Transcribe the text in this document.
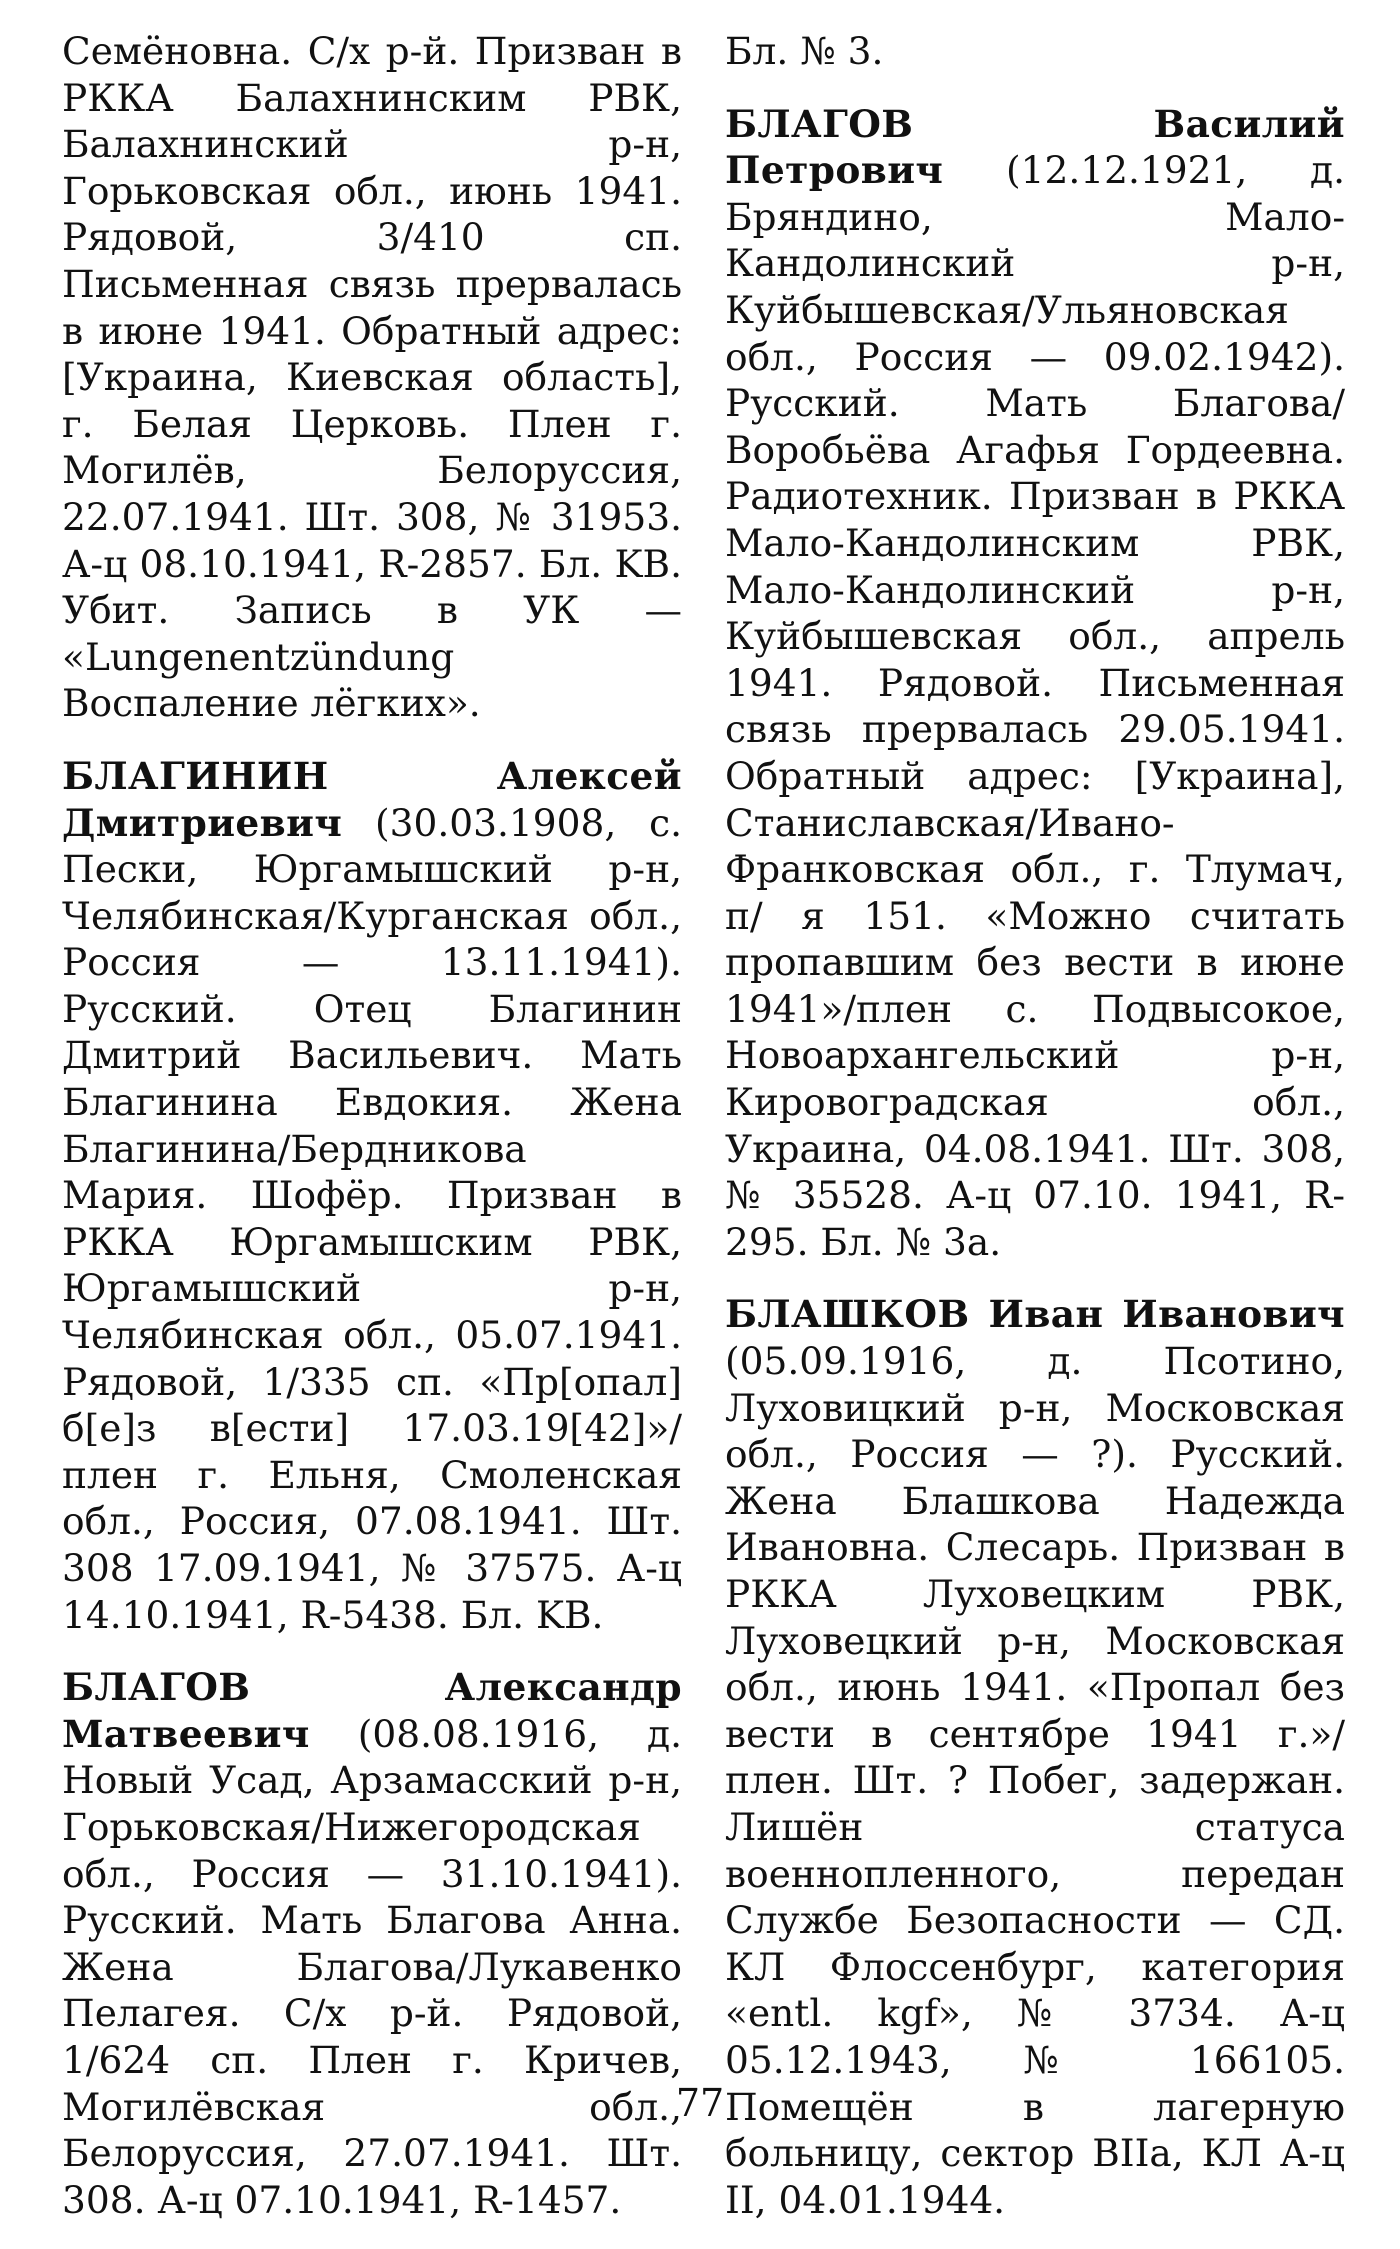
Семёновна. С/х р-й. Призван в РККА Балахнинским РВК, Балахнинский р-н, Горьковская обл., июнь 1941. Рядовой, 3/410 сп. Письменная связь прервалась в июне 1941. Обратный адрес: [Украина, Киевская область], г. Белая Церковь. Плен г. Могилёв, Белоруссия, 22.07.1941. Шт. 308, № 31953. А-ц 08.10.1941, R-2857. Бл. KB. Убит. Запись в УК — «Lungenentzündung Воспаление лёгких».

БЛАГИНИН Алексей Дмитриевич (30.03.1908, с. Пески, Юргамышский р-н, Челябинская/Курганская обл., Россия — 13.11.1941). Русский. Отец Благинин Дмитрий Васильевич. Мать Благинина Евдокия. Жена Благинина/Бердникова Мария. Шофёр. Призван в РККА Юргамышским РВК, Юргамышский р-н, Челябинская обл., 05.07.1941. Рядовой, 1/335 сп. «Пр[опал] б[е]з в[ести] 17.03.19[42]»/плен г. Ельня, Смоленская обл., Россия, 07.08.1941. Шт. 308 17.09.1941, № 37575. А-ц 14.10.1941, R-5438. Бл. KB.

БЛАГОВ Александр Матвеевич (08.08.1916, д. Новый Усад, Арзамасский р-н, Горьковская/Нижегородская обл., Россия — 31.10.1941). Русский. Мать Благова Анна. Жена Благова/Лукавенко Пелагея. С/х р-й. Рядовой, 1/624 сп. Плен г. Кричев, Могилёвская обл., Белоруссия, 27.07.1941. Шт. 308. А-ц 07.10.1941, R-1457.

Бл. № 3.

БЛАГОВ Василий Петрович (12.12.1921, д. Бряндино, Мало-Кандолинский р-н, Куйбышевская/Ульяновская обл., Россия — 09.02.1942). Русский. Мать Благова/Воробьёва Агафья Гордеевна. Радиотехник. Призван в РККА Мало-Кандолинским РВК, Мало-Кандолинский р-н, Куйбышевская обл., апрель 1941. Рядовой. Письменная связь прервалась 29.05.1941. Обратный адрес: [Украина], Станиславская/Ивано-Франковская обл., г. Тлумач, п/ я 151. «Можно считать пропавшим без вести в июне 1941»/плен с. Подвысокое, Новоархангельский р-н, Кировоградская обл., Украина, 04.08.1941. Шт. 308, № 35528. А-ц 07.10. 1941, R-295. Бл. № 3а.

БЛАШКОВ Иван Иванович (05.09.1916, д. Псотино, Луховицкий р-н, Московская обл., Россия — ?). Русский. Жена Блашкова Надежда Ивановна. Слесарь. Призван в РККА Луховецким РВК, Луховецкий р-н, Московская обл., июнь 1941. «Пропал без вести в сентябре 1941 г.»/плен. Шт. ? Побег, задержан. Лишён статуса военнопленного, передан Службе Безопасности — СД. КЛ Флоссенбург, категория «entl. kgf», № 3734. А-ц 05.12.1943, № 166105. Помещён в лагерную больницу, сектор BIIa, КЛ А-ц II, 04.01.1944.

77
